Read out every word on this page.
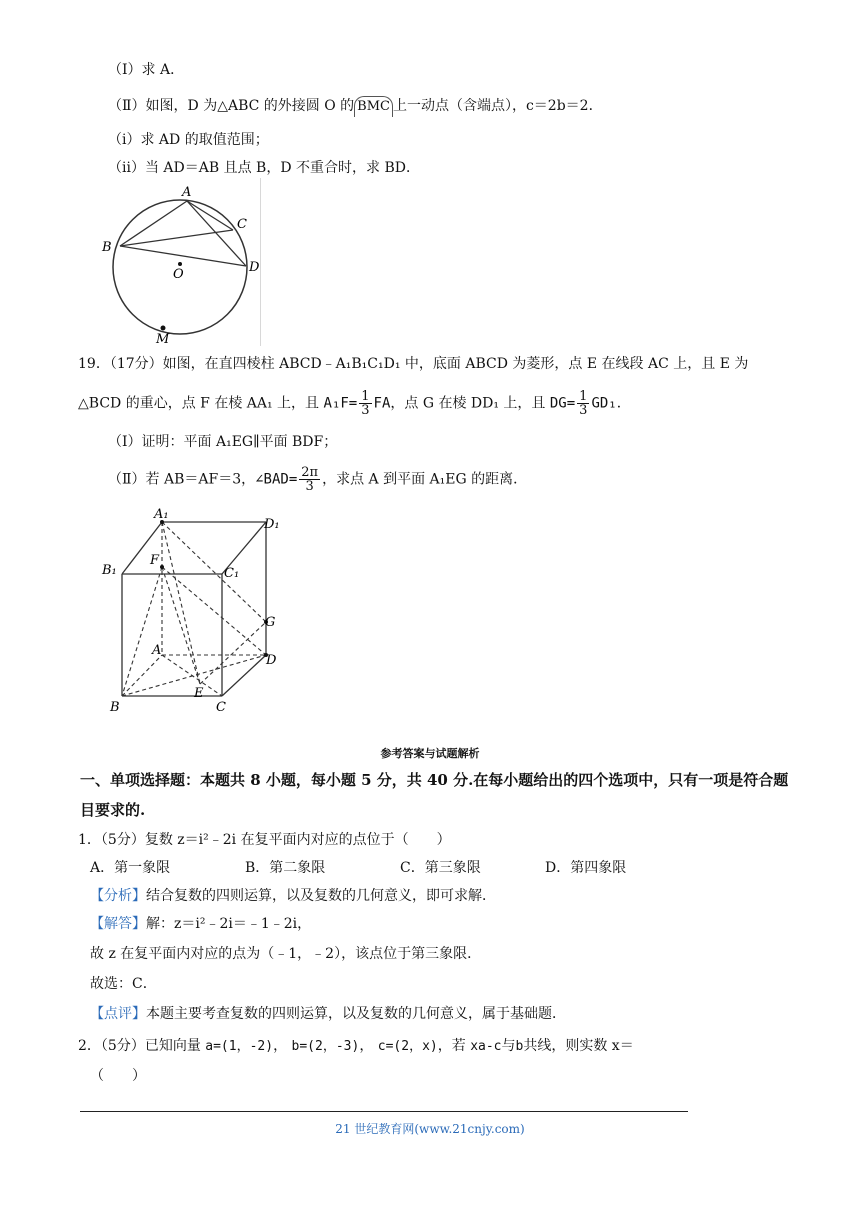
（Ⅰ）求 A．
（Ⅱ）如图，D 为△ABC 的外接圆 O 的 BMC 上一动点（含端点），c＝2b＝2．
（ⅰ）求 AD 的取值范围；
（ⅱ）当 AD＝AB 且点 B，D 不重合时，求 BD．
A
B
C
D
O
M
19．（17分）如图，在直四棱柱 ABCD﹣A₁B₁C₁D₁ 中，底面 ABCD 为菱形，点 E 在线段 AC 上，且 E 为
△BCD 的重心，点 F 在棱 AA₁ 上，且 $A_1F= \frac{1}{3}$ FA，点 G 在棱 DD₁ 上，且 $DG= \frac{1}{3} GD_1$．
（Ⅰ）证明：平面 A₁EG∥平面 BDF；
（Ⅱ）若 AB＝AF＝3，∠BAD= $\frac{2\pi}{3}$ ，求点 A 到平面 A₁EG 的距离．
A₁
D₁
B₁	C₁
F
G
A
D
E
B	C
参考答案与试题解析
一、单项选择题：本题共 8 小题，每小题 5 分，共 40 分.在每小题给出的四个选项中，只有一项是符合题
目要求的.
1．（5分）复数 z＝i²﹣2i 在复平面内对应的点位于（　　）
A．第一象限	B．第二象限	C．第三象限	D．第四象限
【分析】结合复数的四则运算，以及复数的几何意义，即可求解．
【解答】解：z＝i²﹣2i＝﹣1﹣2i，
故 z 在复平面内对应的点为（﹣1，﹣2），该点位于第三象限．
故选：C．
【点评】本题主要考查复数的四则运算，以及复数的几何意义，属于基础题．
2．（5分）已知向量 a=(1，-2)， b=(2，-3)， c=(2，x)，若 xa-c与b共线，则实数 x＝
（　　）
21 世纪教育网(www.21cnjy.com)
